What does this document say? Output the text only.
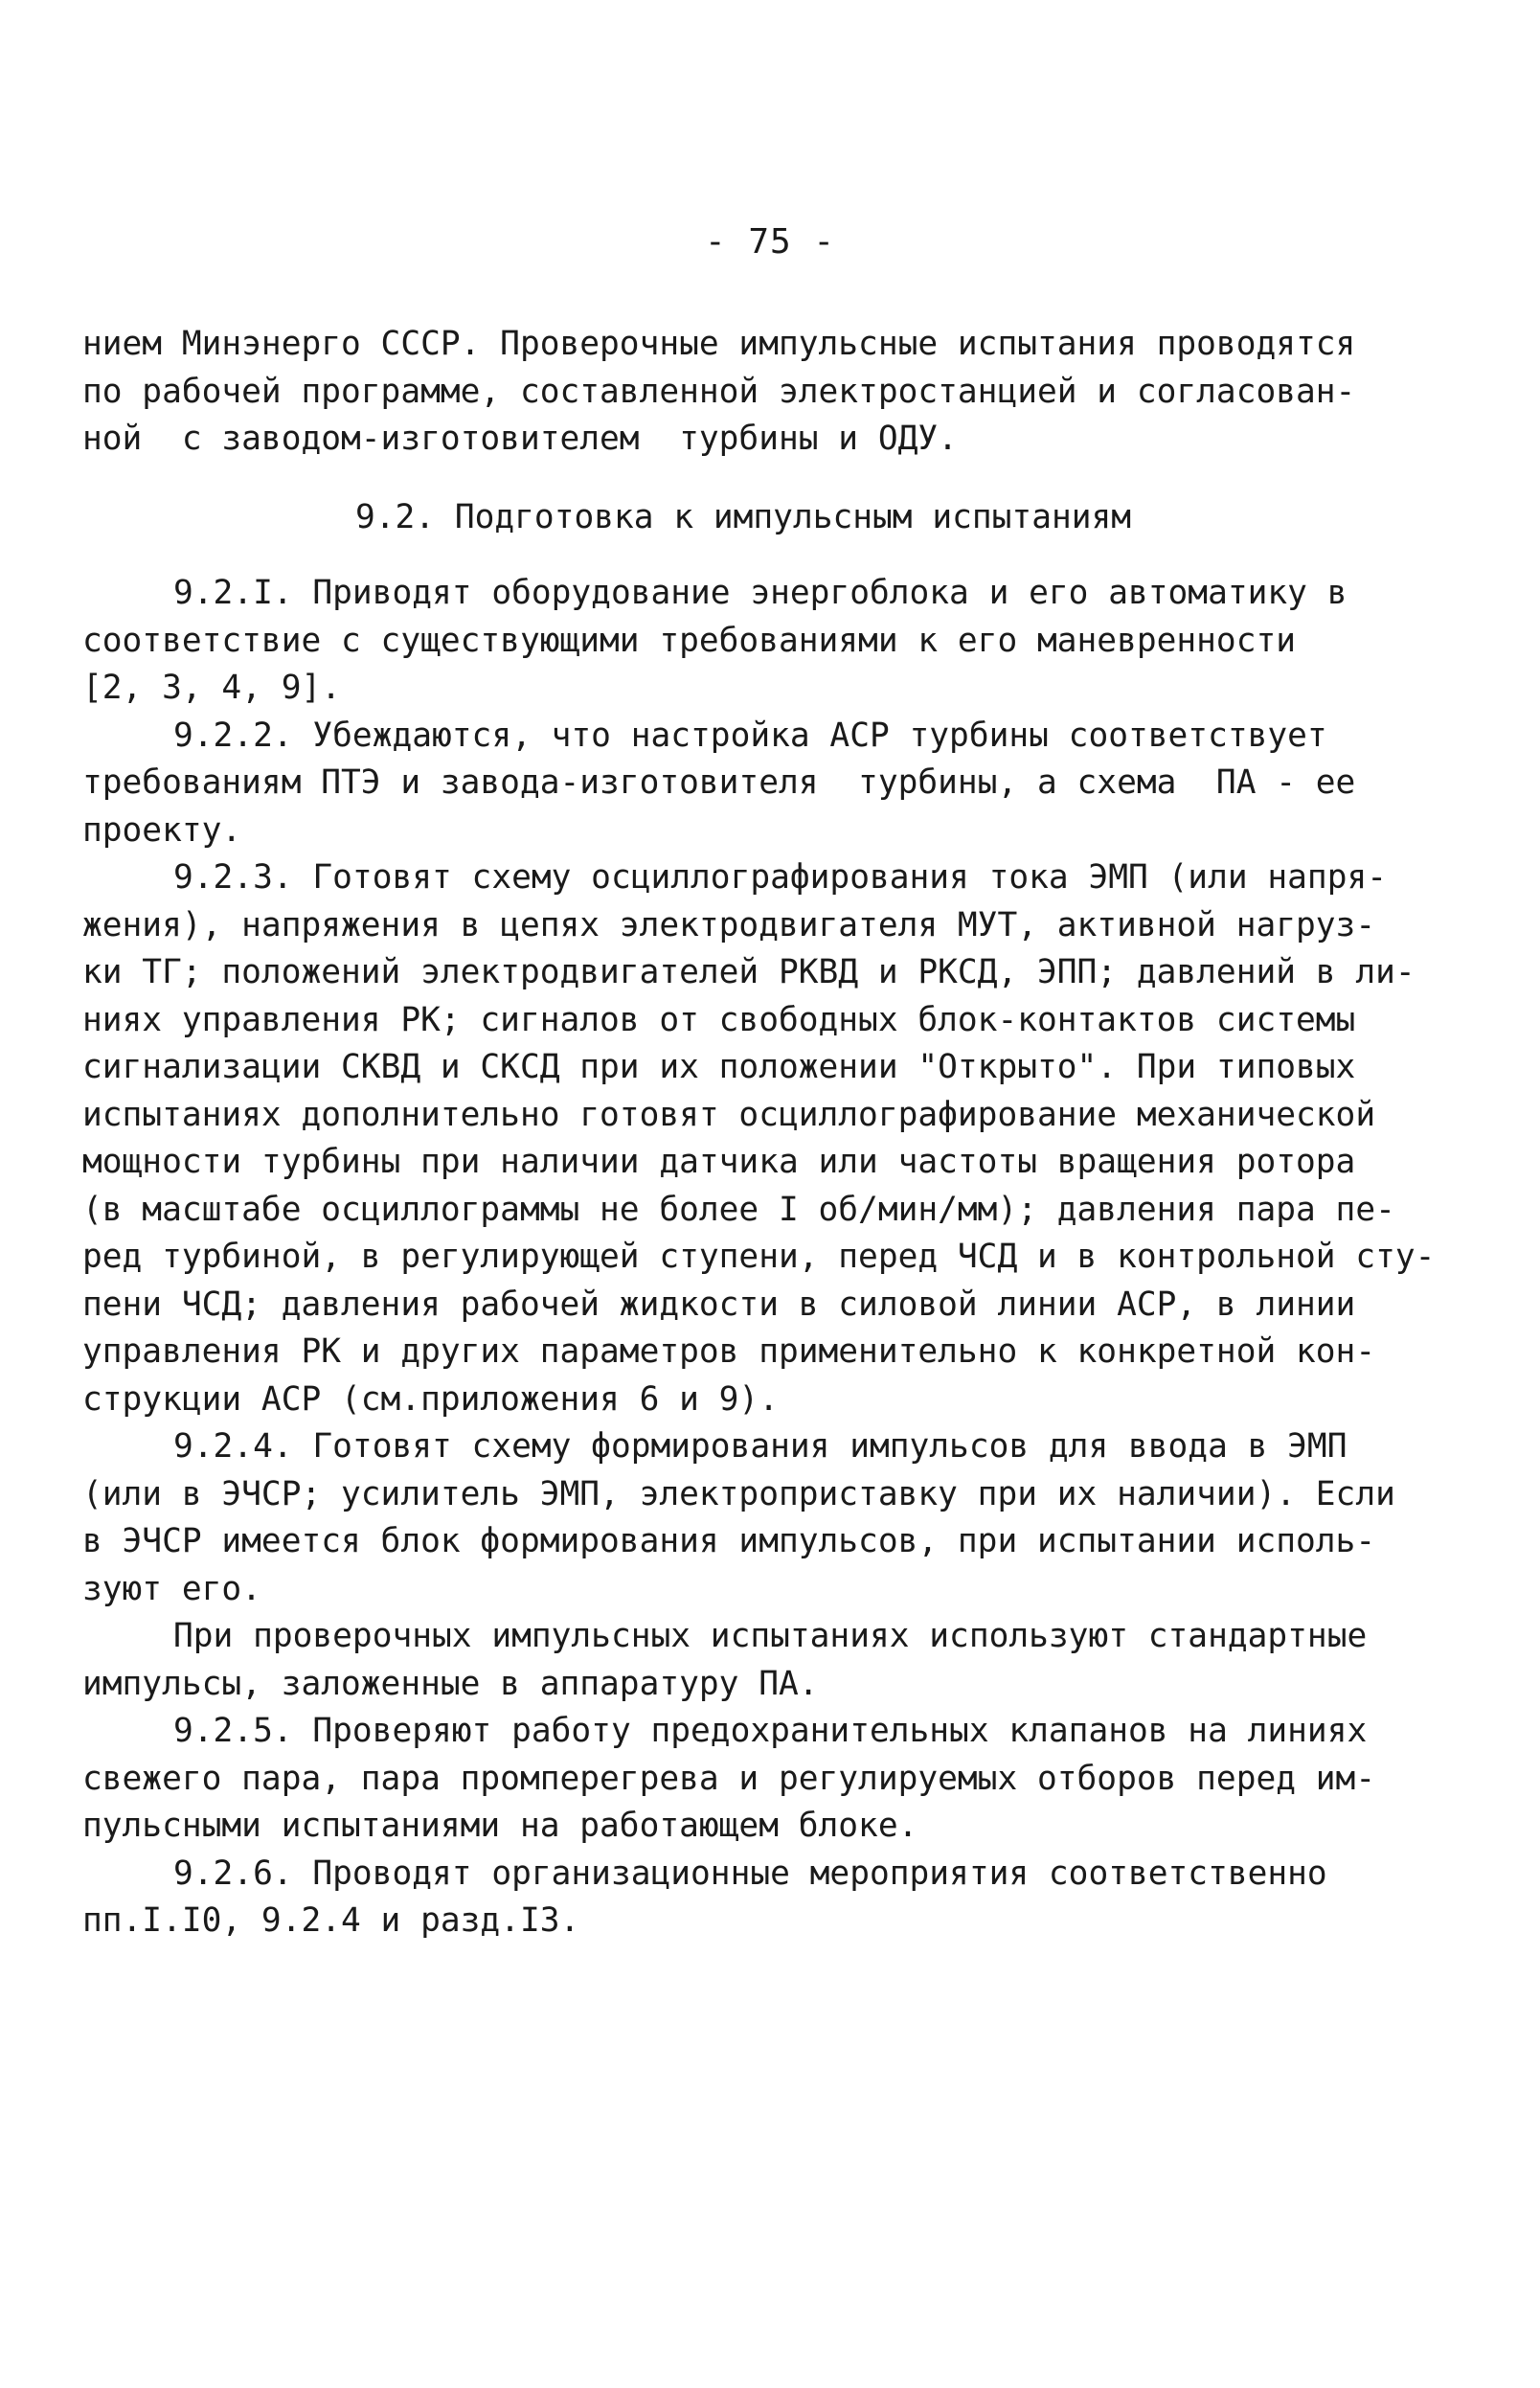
- 75 -
нием Минэнерго СССР. Проверочные импульсные испытания проводятся
по рабочей программе, составленной электростанцией и согласован-
ной  с заводом-изготовителем  турбины и ОДУ.
9.2. Подготовка к импульсным испытаниям
9.2.I. Приводят оборудование энергоблока и его автоматику в
соответствие с существующими требованиями к его маневренности
[2, 3, 4, 9].
9.2.2. Убеждаются, что настройка АСР турбины соответствует
требованиям ПТЭ и завода-изготовителя  турбины, а схема  ПА - ее
проекту.
9.2.3. Готовят схему осциллографирования тока ЭМП (или напря-
жения), напряжения в цепях электродвигателя МУТ, активной нагруз-
ки ТГ; положений электродвигателей РКВД и РКСД, ЭПП; давлений в ли-
ниях управления РК; сигналов от свободных блок-контактов системы
сигнализации СКВД и СКСД при их положении "Открыто". При типовых
испытаниях дополнительно готовят осциллографирование механической
мощности турбины при наличии датчика или частоты вращения ротора
(в масштабе осциллограммы не более I об/мин/мм); давления пара пе-
ред турбиной, в регулирующей ступени, перед ЧСД и в контрольной сту-
пени ЧСД; давления рабочей жидкости в силовой линии АСР, в линии
управления РК и других параметров применительно к конкретной кон-
струкции АСР (см.приложения 6 и 9).
9.2.4. Готовят схему формирования импульсов для ввода в ЭМП
(или в ЭЧСР; усилитель ЭМП, электроприставку при их наличии). Если
в ЭЧСР имеется блок формирования импульсов, при испытании исполь-
зуют его.
При проверочных импульсных испытаниях используют стандартные
импульсы, заложенные в аппаратуру ПА.
9.2.5. Проверяют работу предохранительных клапанов на линиях
свежего пара, пара промперегрева и регулируемых отборов перед им-
пульсными испытаниями на работающем блоке.
9.2.6. Проводят организационные мероприятия соответственно
пп.I.I0, 9.2.4 и разд.I3.
